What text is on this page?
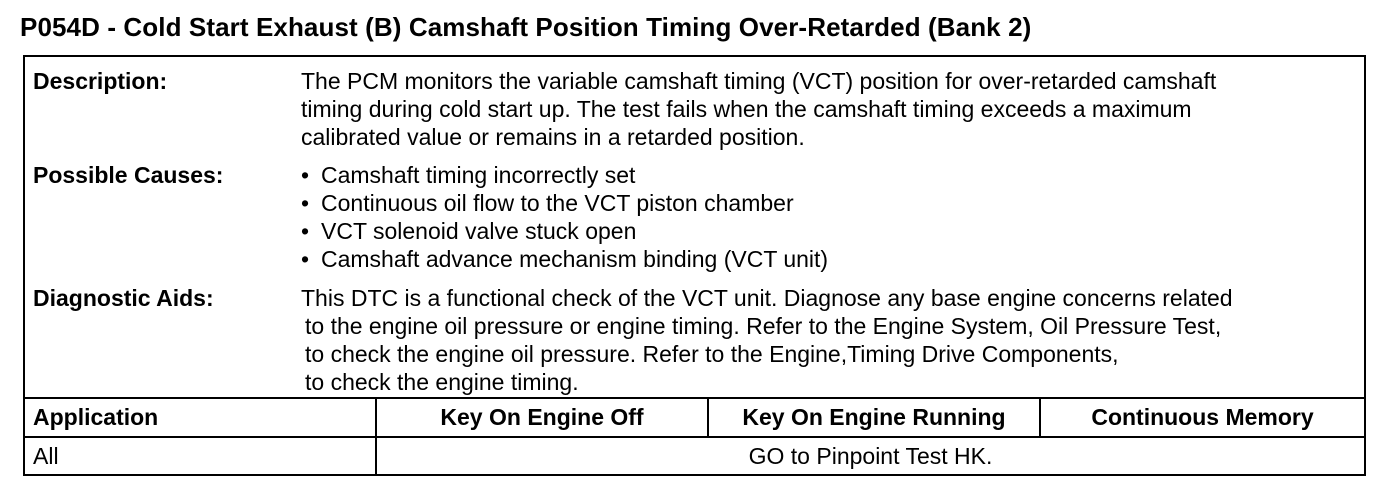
P054D - Cold Start Exhaust (B) Camshaft Position Timing Over-Retarded (Bank 2)
Description:	The PCM monitors the variable camshaft timing (VCT) position for over-retarded camshaft
timing during cold start up. The test fails when the camshaft timing exceeds a maximum
calibrated value or remains in a retarded position.
Possible Causes:	• Camshaft timing incorrectly set
• Continuous oil flow to the VCT piston chamber
• VCT solenoid valve stuck open
• Camshaft advance mechanism binding (VCT unit)
Diagnostic Aids:	This DTC is a functional check of the VCT unit. Diagnose any base engine concerns related
to the engine oil pressure or engine timing. Refer to the Engine System, Oil Pressure Test,
to check the engine oil pressure. Refer to the Engine,Timing Drive Components,
to check the engine timing.
Application	Key On Engine Off	Key On Engine Running	Continuous Memory
All	GO to Pinpoint Test HK.
